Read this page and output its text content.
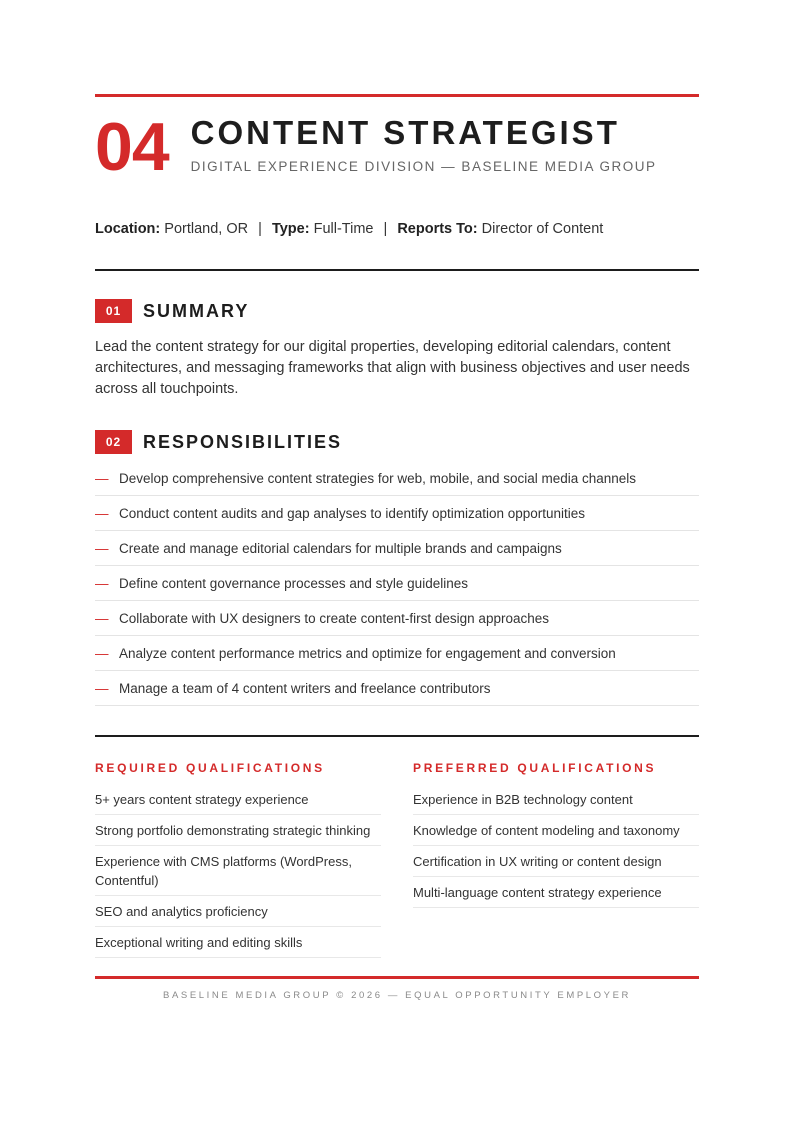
04 CONTENT STRATEGIST
DIGITAL EXPERIENCE DIVISION — BASELINE MEDIA GROUP
Location: Portland, OR | Type: Full-Time | Reports To: Director of Content
01	SUMMARY
Lead the content strategy for our digital properties, developing editorial calendars, content architectures, and messaging frameworks that align with business objectives and user needs across all touchpoints.
02	RESPONSIBILITIES
— Develop comprehensive content strategies for web, mobile, and social media channels
— Conduct content audits and gap analyses to identify optimization opportunities
— Create and manage editorial calendars for multiple brands and campaigns
— Define content governance processes and style guidelines
— Collaborate with UX designers to create content-first design approaches
— Analyze content performance metrics and optimize for engagement and conversion
— Manage a team of 4 content writers and freelance contributors
REQUIRED QUALIFICATIONS
5+ years content strategy experience
Strong portfolio demonstrating strategic thinking
Experience with CMS platforms (WordPress, Contentful)
SEO and analytics proficiency
Exceptional writing and editing skills
PREFERRED QUALIFICATIONS
Experience in B2B technology content
Knowledge of content modeling and taxonomy
Certification in UX writing or content design
Multi-language content strategy experience
BASELINE MEDIA GROUP © 2026 — EQUAL OPPORTUNITY EMPLOYER
